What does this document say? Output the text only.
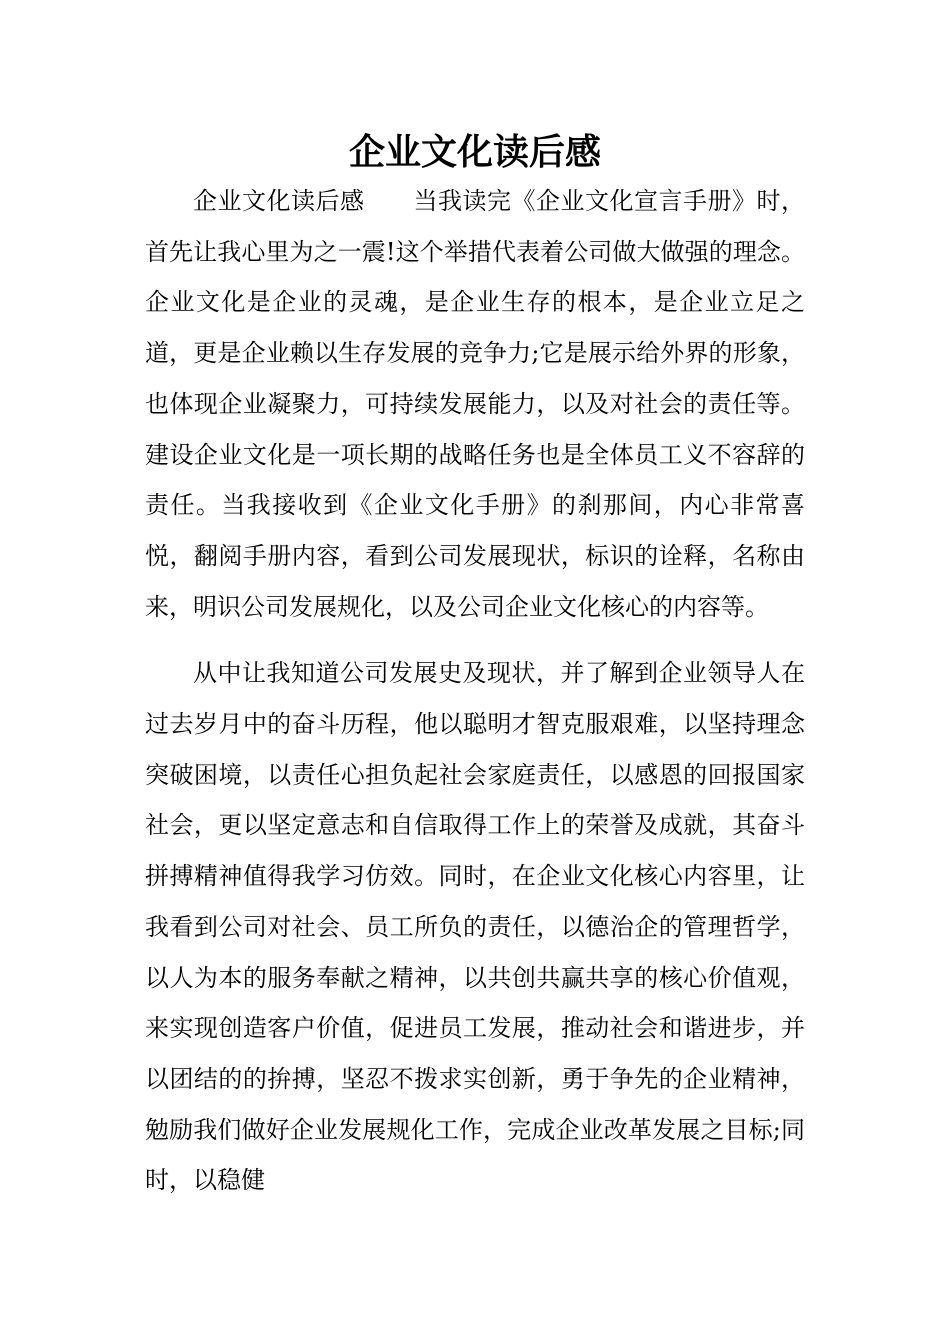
企业文化读后感

企业文化读后感　　当我读完《企业文化宣言手册》时，首先让我心里为之一震!这个举措代表着公司做大做强的理念。企业文化是企业的灵魂，是企业生存的根本，是企业立足之道，更是企业赖以生存发展的竞争力;它是展示给外界的形象，也体现企业凝聚力，可持续发展能力，以及对社会的责任等。建设企业文化是一项长期的战略任务也是全体员工义不容辞的责任。当我接收到《企业文化手册》的刹那间，内心非常喜悦，翻阅手册内容，看到公司发展现状，标识的诠释，名称由来，明识公司发展规化，以及公司企业文化核心的内容等。

从中让我知道公司发展史及现状，并了解到企业领导人在过去岁月中的奋斗历程，他以聪明才智克服艰难，以坚持理念突破困境，以责任心担负起社会家庭责任，以感恩的回报国家社会，更以坚定意志和自信取得工作上的荣誉及成就，其奋斗拼搏精神值得我学习仿效。同时，在企业文化核心内容里，让我看到公司对社会、员工所负的责任，以德治企的管理哲学，以人为本的服务奉献之精神，以共创共赢共享的核心价值观，来实现创造客户价值，促进员工发展，推动社会和谐进步，并以团结的的拚搏，坚忍不拨求实创新，勇于争先的企业精神，勉励我们做好企业发展规化工作，完成企业改革发展之目标;同时，以稳健
